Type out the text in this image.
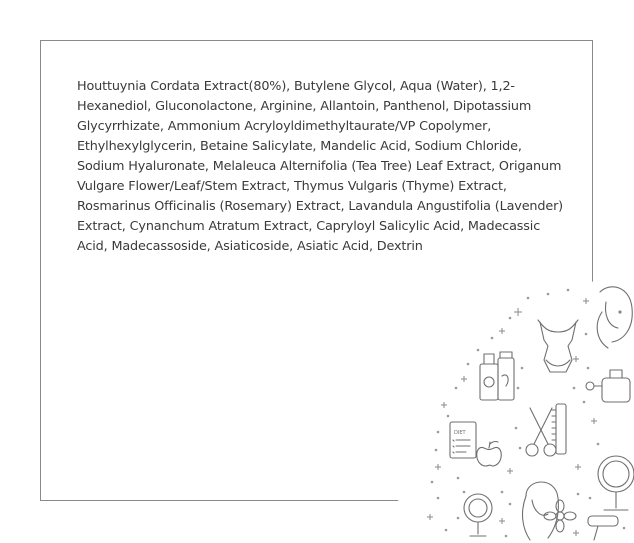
Houttuynia Cordata Extract(80%), Butylene Glycol, Aqua (Water), 1,2-Hexanediol, Gluconolactone, Arginine, Allantoin, Panthenol, Dipotassium Glycyrrhizate, Ammonium Acryloyldimethyltaurate/VP Copolymer, Ethylhexylglycerin, Betaine Salicylate, Mandelic Acid, Sodium Chloride, Sodium Hyaluronate, Melaleuca Alternifolia (Tea Tree) Leaf Extract, Origanum Vulgare Flower/Leaf/Stem Extract, Thymus Vulgaris (Thyme) Extract, Rosmarinus Officinalis (Rosemary) Extract, Lavandula Angustifolia (Lavender) Extract, Cynanchum Atratum Extract, Capryloyl Salicylic Acid, Madecassic Acid, Madecassoside, Asiaticoside, Asiatic Acid, Dextrin

DIET
